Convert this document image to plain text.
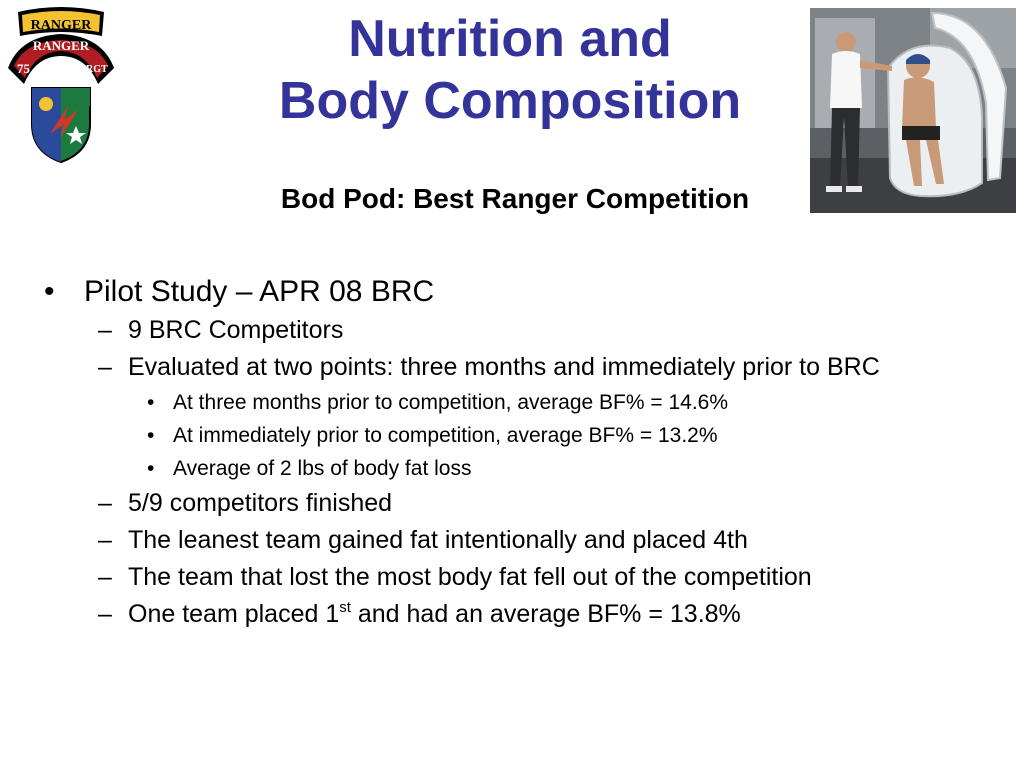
RANGER
RANGER
75	RGT
Nutrition and
Body Composition
Bod Pod: Best Ranger Competition
• Pilot Study – APR 08 BRC
– 9 BRC Competitors
– Evaluated at two points: three months and immediately prior to BRC
• At three months prior to competition, average BF% = 14.6%
• At immediately prior to competition, average BF% = 13.2%
• Average of 2 lbs of body fat loss
– 5/9 competitors finished
– The leanest team gained fat intentionally and placed 4th
– The team that lost the most body fat fell out of the competition
– One team placed 1st and had an average BF% = 13.8%
